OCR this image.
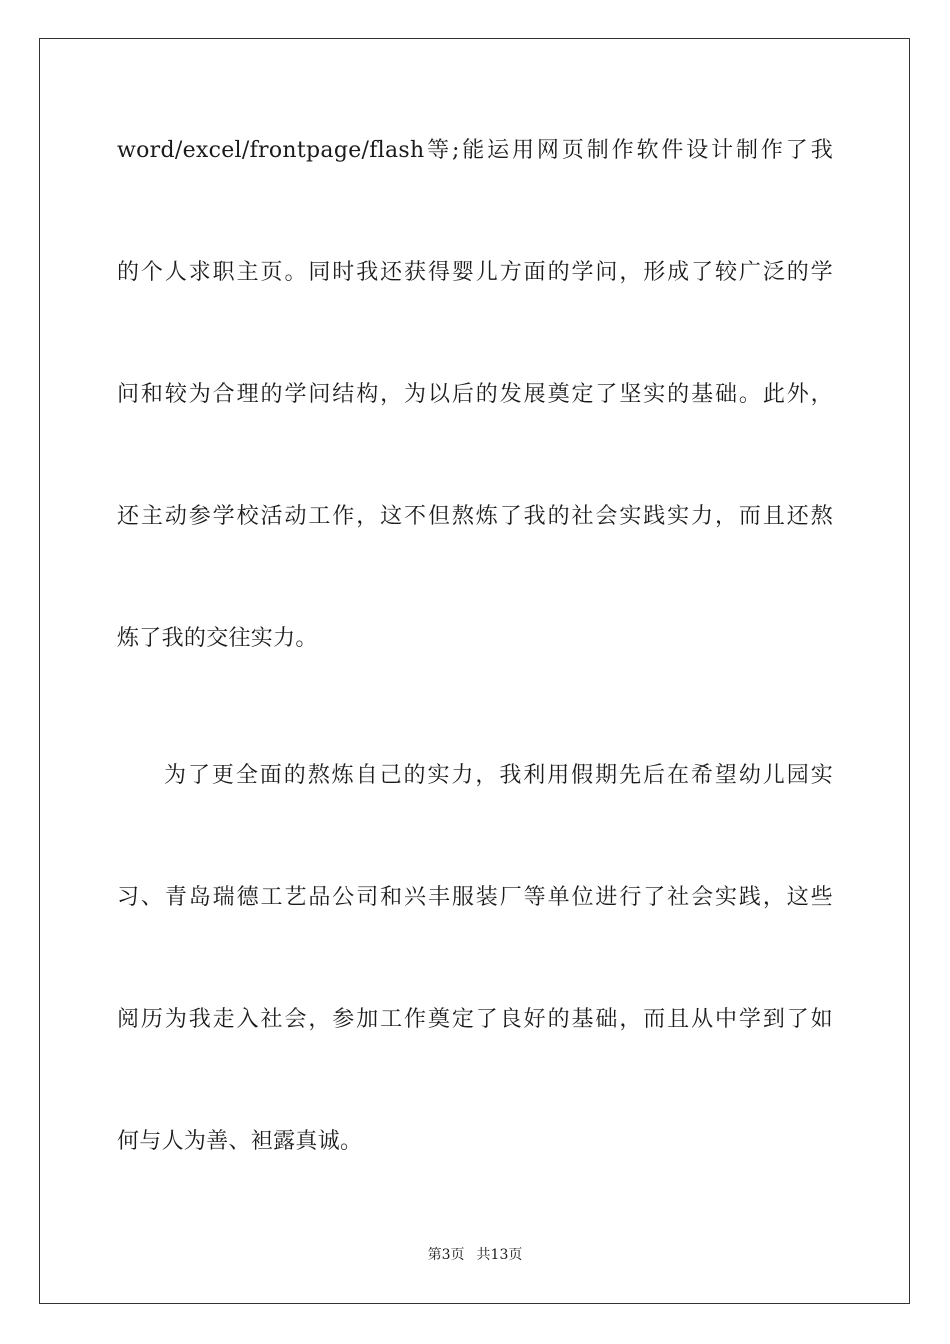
word/excel/frontpage/flash等;能运用网页制作软件设计制作了我
的个人求职主页。同时我还获得婴儿方面的学问，形成了较广泛的学
问和较为合理的学问结构，为以后的发展奠定了坚实的基础。此外，
还主动参学校活动工作，这不但熬炼了我的社会实践实力，而且还熬
炼了我的交往实力。
为了更全面的熬炼自己的实力，我利用假期先后在希望幼儿园实
习、青岛瑞德工艺品公司和兴丰服装厂等单位进行了社会实践，这些
阅历为我走入社会，参加工作奠定了良好的基础，而且从中学到了如
何与人为善、袒露真诚。
第3页 共13页
